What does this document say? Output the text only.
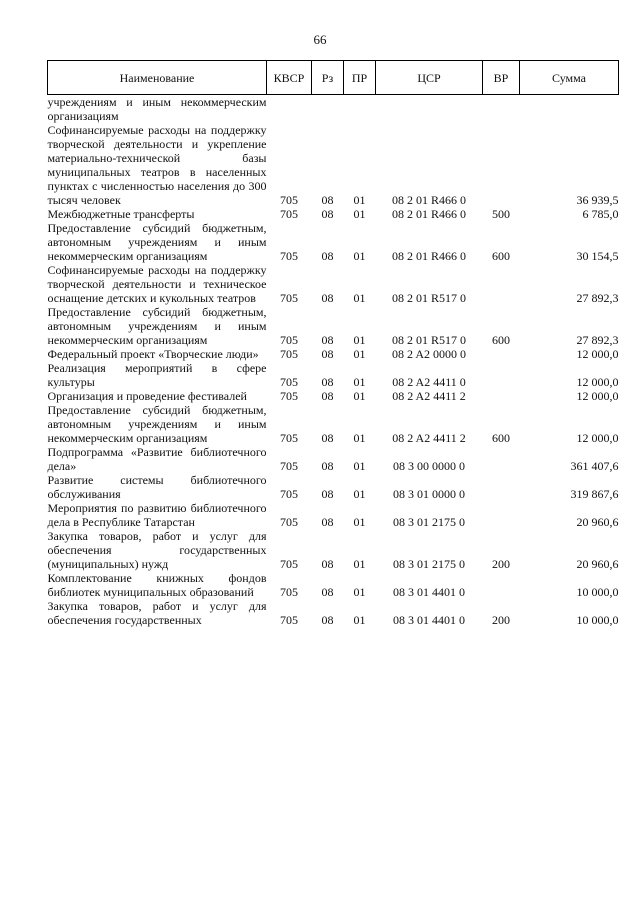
66
Наименование	КВСР	Рз	ПР	ЦСР	ВР	Сумма
учреждениям и иным некоммерческим организациям						
Софинансируемые расходы на поддержку творческой деятельности и укрепление материально-технической базы муниципальных театров в населенных пунктах с численностью населения до 300 тысяч человек	705	08	01	08 2 01 R466 0		36 939,5
Межбюджетные трансферты	705	08	01	08 2 01 R466 0	500	6 785,0
Предоставление субсидий бюджетным, автономным учреждениям и иным некоммерческим организациям	705	08	01	08 2 01 R466 0	600	30 154,5
Софинансируемые расходы на поддержку творческой деятельности и техническое оснащение детских и кукольных театров	705	08	01	08 2 01 R517 0		27 892,3
Предоставление субсидий бюджетным, автономным учреждениям и иным некоммерческим организациям	705	08	01	08 2 01 R517 0	600	27 892,3
Федеральный проект «Творческие люди»	705	08	01	08 2 A2 0000 0		12 000,0
Реализация мероприятий в сфере культуры	705	08	01	08 2 A2 4411 0		12 000,0
Организация и проведение фестивалей	705	08	01	08 2 A2 4411 2		12 000,0
Предоставление субсидий бюджетным, автономным учреждениям и иным некоммерческим организациям	705	08	01	08 2 A2 4411 2	600	12 000,0
Подпрограмма «Развитие библиотечного дела»	705	08	01	08 3 00 0000 0		361 407,6
Развитие системы библиотечного обслуживания	705	08	01	08 3 01 0000 0		319 867,6
Мероприятия по развитию библиотечного дела в Республике Татарстан	705	08	01	08 3 01 2175 0		20 960,6
Закупка товаров, работ и услуг для обеспечения государственных (муниципальных) нужд	705	08	01	08 3 01 2175 0	200	20 960,6
Комплектование книжных фондов библиотек муниципальных образований	705	08	01	08 3 01 4401 0		10 000,0
Закупка товаров, работ и услуг для обеспечения государственных	705	08	01	08 3 01 4401 0	200	10 000,0
